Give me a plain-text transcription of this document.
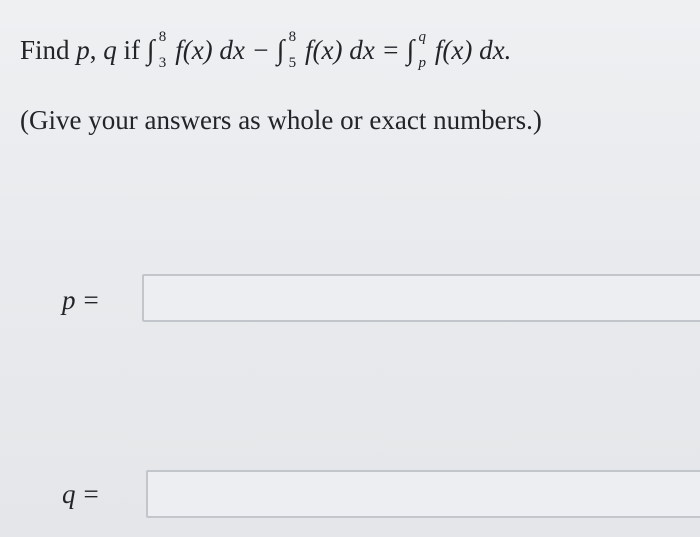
Find p, q if ∫ 8
3 f(x) dx − ∫ 8
5 f(x) dx = ∫ q
p f(x) dx.
(Give your answers as whole or exact numbers.)
p =
q =
